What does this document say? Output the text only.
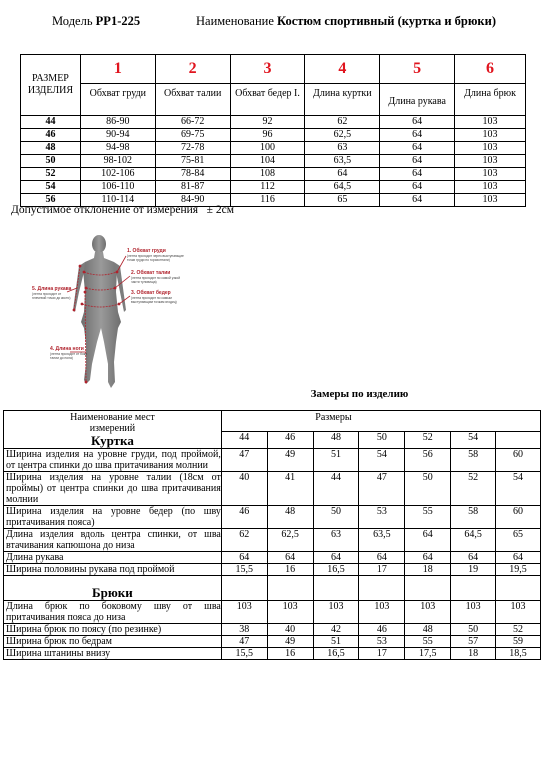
Модель РР1-225	Наименование Костюм спортивный (куртка и брюки)
РАЗМЕР ИЗДЕЛИЯ	1	2	3	4	5	6
	Обхват груди	Обхват талии	Обхват бедер I.	Длина куртки	Длина рукава	Длина брюк
44	86-90	66-72	92	62	64	103
46	90-94	69-75	96	62,5	64	103
48	94-98	72-78	100	63	64	103
50	98-102	75-81	104	63,5	64	103
52	102-106	78-84	108	64	64	103
54	106-110	81-87	112	64,5	64	103
56	110-114	84-90	116	65	64	103
Допустимое отклонение от измерения ± 2см
1. Обхват груди
(лента проходит через выступающие
точки груди по горизонтали)
2. Обхват талии
(лента проходит по самой узкой
части туловища)
3. Обхват бедер
(лента проходит по самым
выступающим точкам ягодиц)
5. Длина рукава
(лента проходит от
плечевой точки до кисти)
4. Длина ноги
(лента проходит от бока
талии до пола)
Замеры по изделию
Наименование мест измерений
Куртка	Размеры						
	44	46	48	50	52	54	
Ширина изделия на уровне груди, под проймой, от центра спинки до шва притачивания молнии	47	49	51	54	56	58	60
Ширина изделия на уровне талии (18см от проймы) от центра спинки до шва притачивания молнии	40	41	44	47	50	52	54
Ширина изделия на уровне бедер (по шву притачивания пояса)	46	48	50	53	55	58	60
Длина изделия вдоль центра спинки, от шва втачивания капюшона до низа	62	62,5	63	63,5	64	64,5	65
Длина рукава	64	64	64	64	64	64	64
Ширина половины рукава под проймой	15,5	16	16,5	17	18	19	19,5
Брюки							
Длина брюк по боковому шву от шва притачивания пояса до низа	103	103	103	103	103	103	103
Ширина брюк по поясу (по резинке)	38	40	42	46	48	50	52
Ширина брюк по бедрам	47	49	51	53	55	57	59
Ширина штанины внизу	15,5	16	16,5	17	17,5	18	18,5
